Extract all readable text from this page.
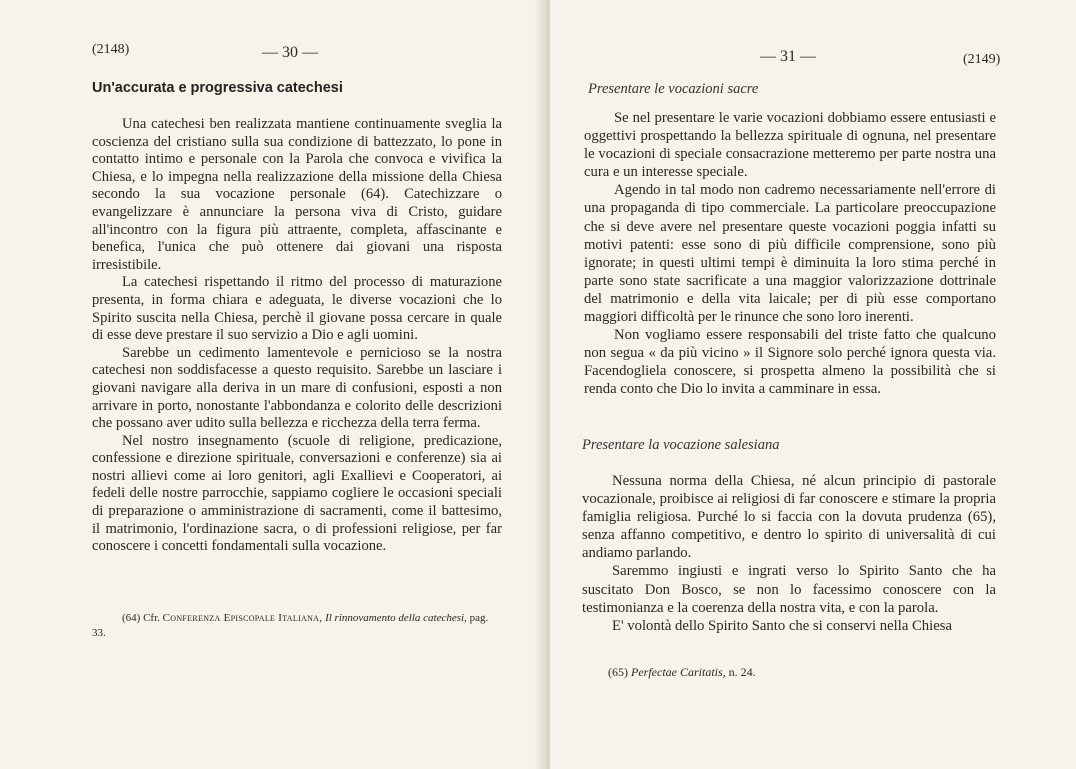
(2148)	— 30 —
Un'accurata e progressiva catechesi

Una catechesi ben realizzata mantiene continuamente sveglia la coscienza del cristiano sulla sua condizione di battezzato, lo pone in contatto intimo e personale con la Parola che convoca e vivifica la Chiesa, e lo impegna nella realizzazione della missione della Chiesa secondo la sua vocazione personale (64). Catechizzare o evangelizzare è annunciare la persona viva di Cristo, guidare all'incontro con la figura più attraente, completa, affascinante e benefica, l'unica che può ottenere dai giovani una risposta irresistibile.

La catechesi rispettando il ritmo del processo di maturazione presenta, in forma chiara e adeguata, le diverse vocazioni che lo Spirito suscita nella Chiesa, perchè il giovane possa cercare in quale di esse deve prestare il suo servizio a Dio e agli uomini.

Sarebbe un cedimento lamentevole e pernicioso se la nostra catechesi non soddisfacesse a questo requisito. Sarebbe un lasciare i giovani navigare alla deriva in un mare di confusioni, esposti a non arrivare in porto, nonostante l'abbondanza e colorito delle descrizioni che possano aver udito sulla bellezza e ricchezza della terra ferma.

Nel nostro insegnamento (scuole di religione, predicazione, confessione e direzione spirituale, conversazioni e conferenze) sia ai nostri allievi come ai loro genitori, agli Exallievi e Cooperatori, ai fedeli delle nostre parrocchie, sappiamo cogliere le occasioni speciali di preparazione o amministrazione di sacramenti, come il battesimo, il matrimonio, l'ordinazione sacra, o di professioni religiose, per far conoscere i concetti fondamentali sulla vocazione.

(64) Cfr. Conferenza Episcopale Italiana, Il rinnovamento della catechesi, pag. 33.
— 31 —	(2149)
Presentare le vocazioni sacre

Se nel presentare le varie vocazioni dobbiamo essere entusiasti e oggettivi prospettando la bellezza spirituale di ognuna, nel presentare le vocazioni di speciale consacrazione metteremo per parte nostra una cura e un interesse speciale.

Agendo in tal modo non cadremo necessariamente nell'errore di una propaganda di tipo commerciale. La particolare preoccupazione che si deve avere nel presentare queste vocazioni poggia infatti su motivi patenti: esse sono di più difficile comprensione, sono più ignorate; in questi ultimi tempi è diminuita la loro stima perché in parte sono state sacrificate a una maggior valorizzazione dottrinale del matrimonio e della vita laicale; per di più esse comportano maggiori difficoltà per le rinunce che sono loro inerenti.

Non vogliamo essere responsabili del triste fatto che qualcuno non segua « da più vicino » il Signore solo perché ignora questa via. Facendogliela conoscere, si prospetta almeno la possibilità che si renda conto che Dio lo invita a camminare in essa.

Presentare la vocazione salesiana

Nessuna norma della Chiesa, né alcun principio di pastorale vocazionale, proibisce ai religiosi di far conoscere e stimare la propria famiglia religiosa. Purché lo si faccia con la dovuta prudenza (65), senza affanno competitivo, e dentro lo spirito di universalità di cui andiamo parlando.

Saremmo ingiusti e ingrati verso lo Spirito Santo che ha suscitato Don Bosco, se non lo facessimo conoscere con la testimonianza e la coerenza della nostra vita, e con la parola.

E' volontà dello Spirito Santo che si conservi nella Chiesa

(65) Perfectae Caritatis, n. 24.
